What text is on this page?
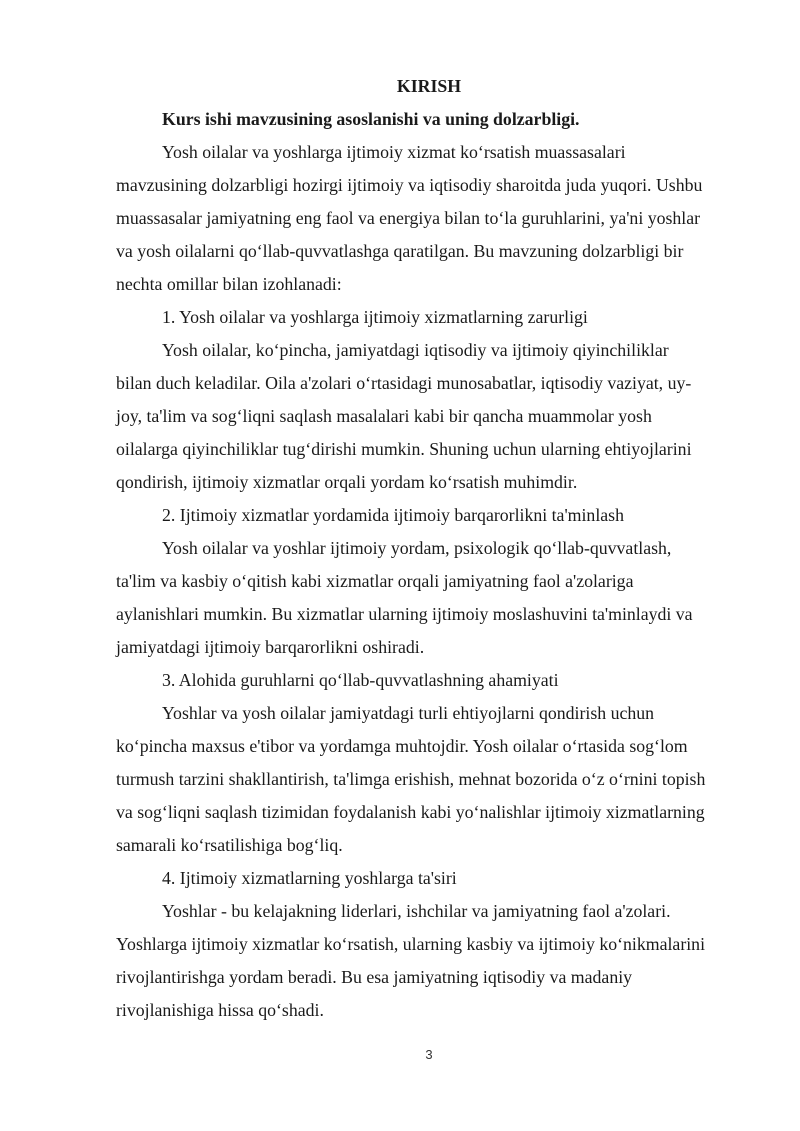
KIRISH
Kurs ishi mavzusining asoslanishi va uning dolzarbligi.
Yosh oilalar va yoshlarga ijtimoiy xizmat ko‘rsatish muassasalari
mavzusining dolzarbligi hozirgi ijtimoiy va iqtisodiy sharoitda juda yuqori. Ushbu
muassasalar jamiyatning eng faol va energiya bilan to‘la guruhlarini, ya'ni yoshlar
va yosh oilalarni qo‘llab-quvvatlashga qaratilgan. Bu mavzuning dolzarbligi bir
nechta omillar bilan izohlanadi:
1. Yosh oilalar va yoshlarga ijtimoiy xizmatlarning zarurligi
Yosh oilalar, ko‘pincha, jamiyatdagi iqtisodiy va ijtimoiy qiyinchiliklar
bilan duch keladilar. Oila a'zolari o‘rtasidagi munosabatlar, iqtisodiy vaziyat, uy-
joy, ta'lim va sog‘liqni saqlash masalalari kabi bir qancha muammolar yosh
oilalarga qiyinchiliklar tug‘dirishi mumkin. Shuning uchun ularning ehtiyojlarini
qondirish, ijtimoiy xizmatlar orqali yordam ko‘rsatish muhimdir.
2. Ijtimoiy xizmatlar yordamida ijtimoiy barqarorlikni ta'minlash
Yosh oilalar va yoshlar ijtimoiy yordam, psixologik qo‘llab-quvvatlash,
ta'lim va kasbiy o‘qitish kabi xizmatlar orqali jamiyatning faol a'zolariga
aylanishlari mumkin. Bu xizmatlar ularning ijtimoiy moslashuvini ta'minlaydi va
jamiyatdagi ijtimoiy barqarorlikni oshiradi.
3. Alohida guruhlarni qo‘llab-quvvatlashning ahamiyati
Yoshlar va yosh oilalar jamiyatdagi turli ehtiyojlarni qondirish uchun
ko‘pincha maxsus e'tibor va yordamga muhtojdir. Yosh oilalar o‘rtasida sog‘lom
turmush tarzini shakllantirish, ta'limga erishish, mehnat bozorida o‘z o‘rnini topish
va sog‘liqni saqlash tizimidan foydalanish kabi yo‘nalishlar ijtimoiy xizmatlarning
samarali ko‘rsatilishiga bog‘liq.
4. Ijtimoiy xizmatlarning yoshlarga ta'siri
Yoshlar - bu kelajakning liderlari, ishchilar va jamiyatning faol a'zolari.
Yoshlarga ijtimoiy xizmatlar ko‘rsatish, ularning kasbiy va ijtimoiy ko‘nikmalarini
rivojlantirishga yordam beradi. Bu esa jamiyatning iqtisodiy va madaniy
rivojlanishiga hissa qo‘shadi.
3
